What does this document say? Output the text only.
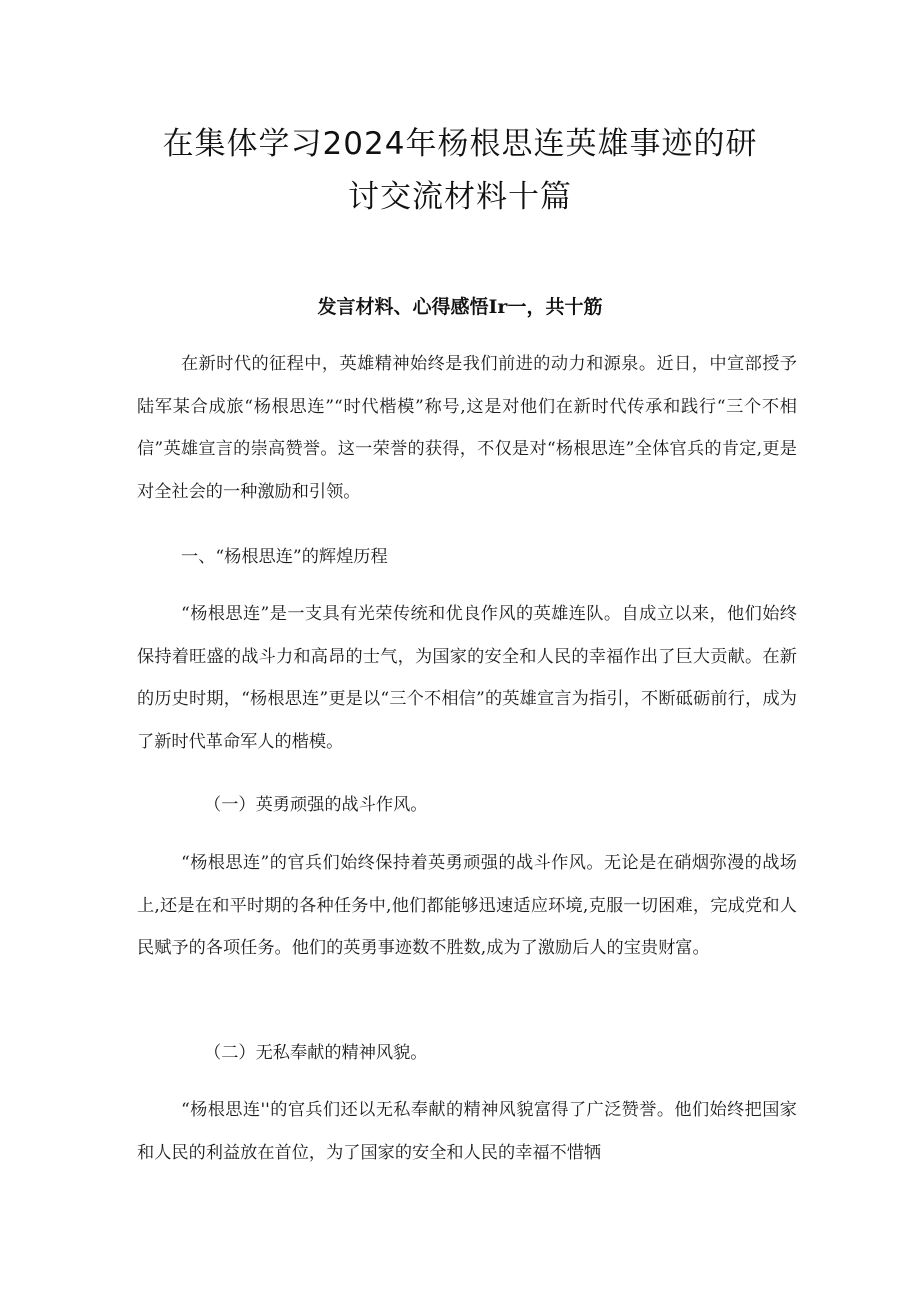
在集体学习2024年杨根思连英雄事迹的研
讨交流材料十篇
发言材料、心得感悟Ir一，共十筋

在新时代的征程中，英雄精神始终是我们前进的动力和源泉。近日，中宣部授予陆军某合成旅“杨根思连”“时代楷模”称号,这是对他们在新时代传承和践行“三个不相信”英雄宣言的崇高赞誉。这一荣誉的获得，不仅是对“杨根思连”全体官兵的肯定,更是对全社会的一种激励和引领。

一、“杨根思连”的辉煌历程

“杨根思连”是一支具有光荣传统和优良作风的英雄连队。自成立以来，他们始终保持着旺盛的战斗力和高昂的士气，为国家的安全和人民的幸福作出了巨大贡献。在新的历史时期，“杨根思连”更是以“三个不相信”的英雄宣言为指引，不断砥砺前行，成为了新时代革命军人的楷模。

（一）英勇顽强的战斗作风。

“杨根思连”的官兵们始终保持着英勇顽强的战斗作风。无论是在硝烟弥漫的战场上,还是在和平时期的各种任务中,他们都能够迅速适应环境,克服一切困难，完成党和人民赋予的各项任务。他们的英勇事迹数不胜数,成为了激励后人的宝贵财富。

（二）无私奉献的精神风貌。

“杨根思连''的官兵们还以无私奉献的精神风貌富得了广泛赞誉。他们始终把国家和人民的利益放在首位，为了国家的安全和人民的幸福不惜牺
